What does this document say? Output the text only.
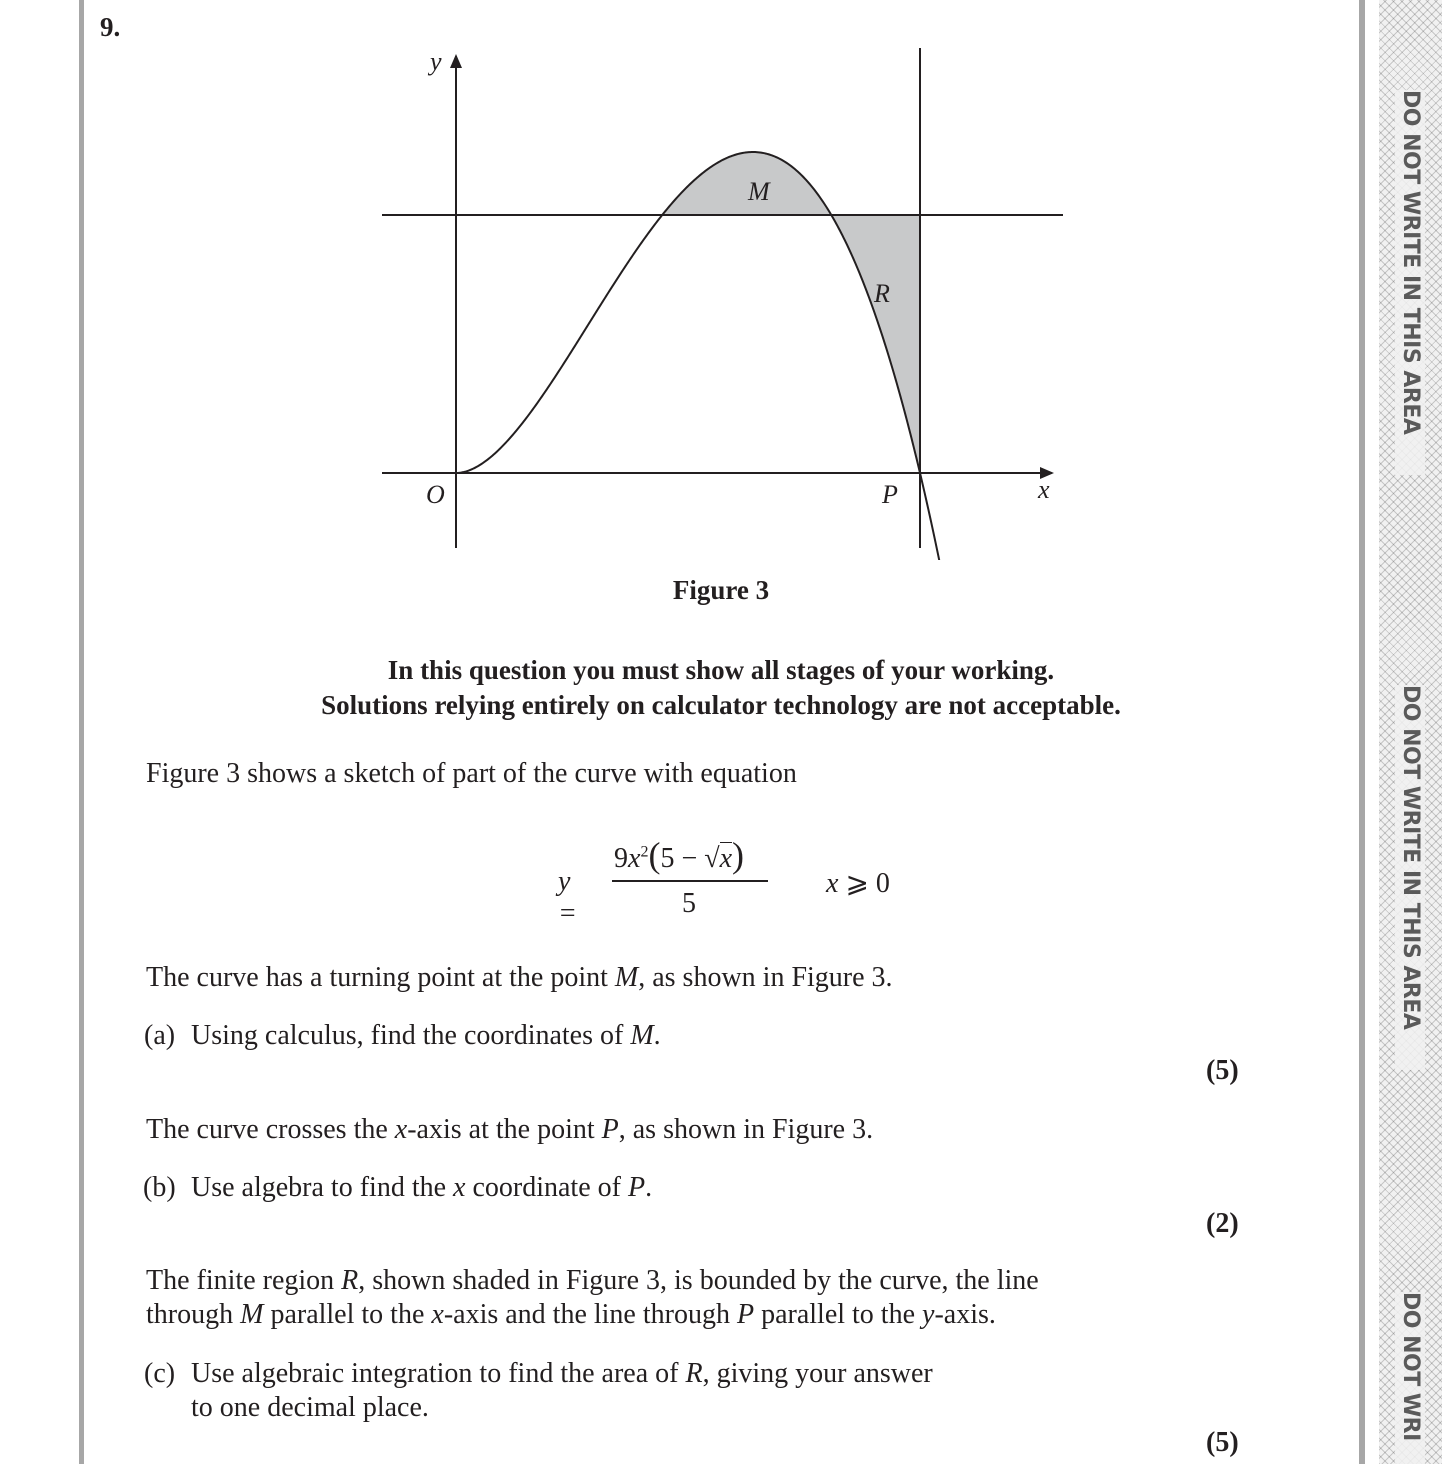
DO NOT WRITE IN THIS AREA
DO NOT WRITE IN THIS AREA
DO NOT WRI
9.
y
x
O
M
P
R
Figure 3
In this question you must show all stages of your working.
Solutions relying entirely on calculator technology are not acceptable.
Figure 3 shows a sketch of part of the curve with equation
y =
$9x^2(5 - √x)$
5
x ⩾ 0
The curve has a turning point at the point M, as shown in Figure 3.
(a) Using calculus, find the coordinates of M.
(5)
The curve crosses the x-axis at the point P, as shown in Figure 3.
(b) Use algebra to find the x coordinate of P.
(2)
The finite region R, shown shaded in Figure 3, is bounded by the curve, the line
through M parallel to the x-axis and the line through P parallel to the y-axis.
(c) Use algebraic integration to find the area of R, giving your answer
to one decimal place.
(5)
